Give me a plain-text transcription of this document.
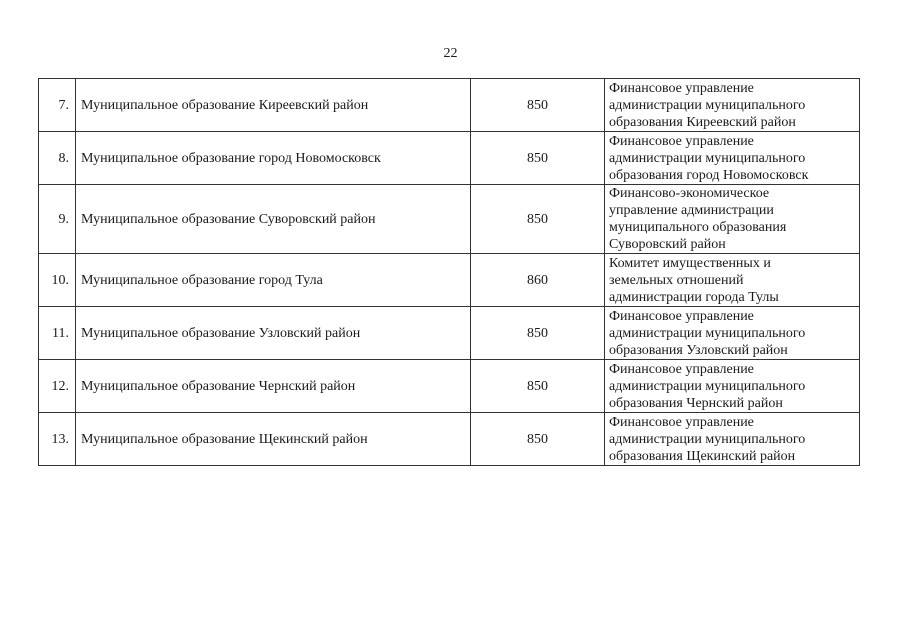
22
7.	Муниципальное образование Киреевский район	850	Финансовое управление
администрации муниципального
образования Киреевский район
8.	Муниципальное образование город Новомосковск	850	Финансовое управление
администрации муниципального
образования город Новомосковск
9.	Муниципальное образование Суворовский район	850	Финансово-экономическое
управление администрации
муниципального образования
Суворовский район
10.	Муниципальное образование город Тула	860	Комитет имущественных и
земельных отношений
администрации города Тулы
11.	Муниципальное образование Узловский район	850	Финансовое управление
администрации муниципального
образования Узловский район
12.	Муниципальное образование Чернский район	850	Финансовое управление
администрации муниципального
образования Чернский район
13.	Муниципальное образование Щекинский район	850	Финансовое управление
администрации муниципального
образования Щекинский район
